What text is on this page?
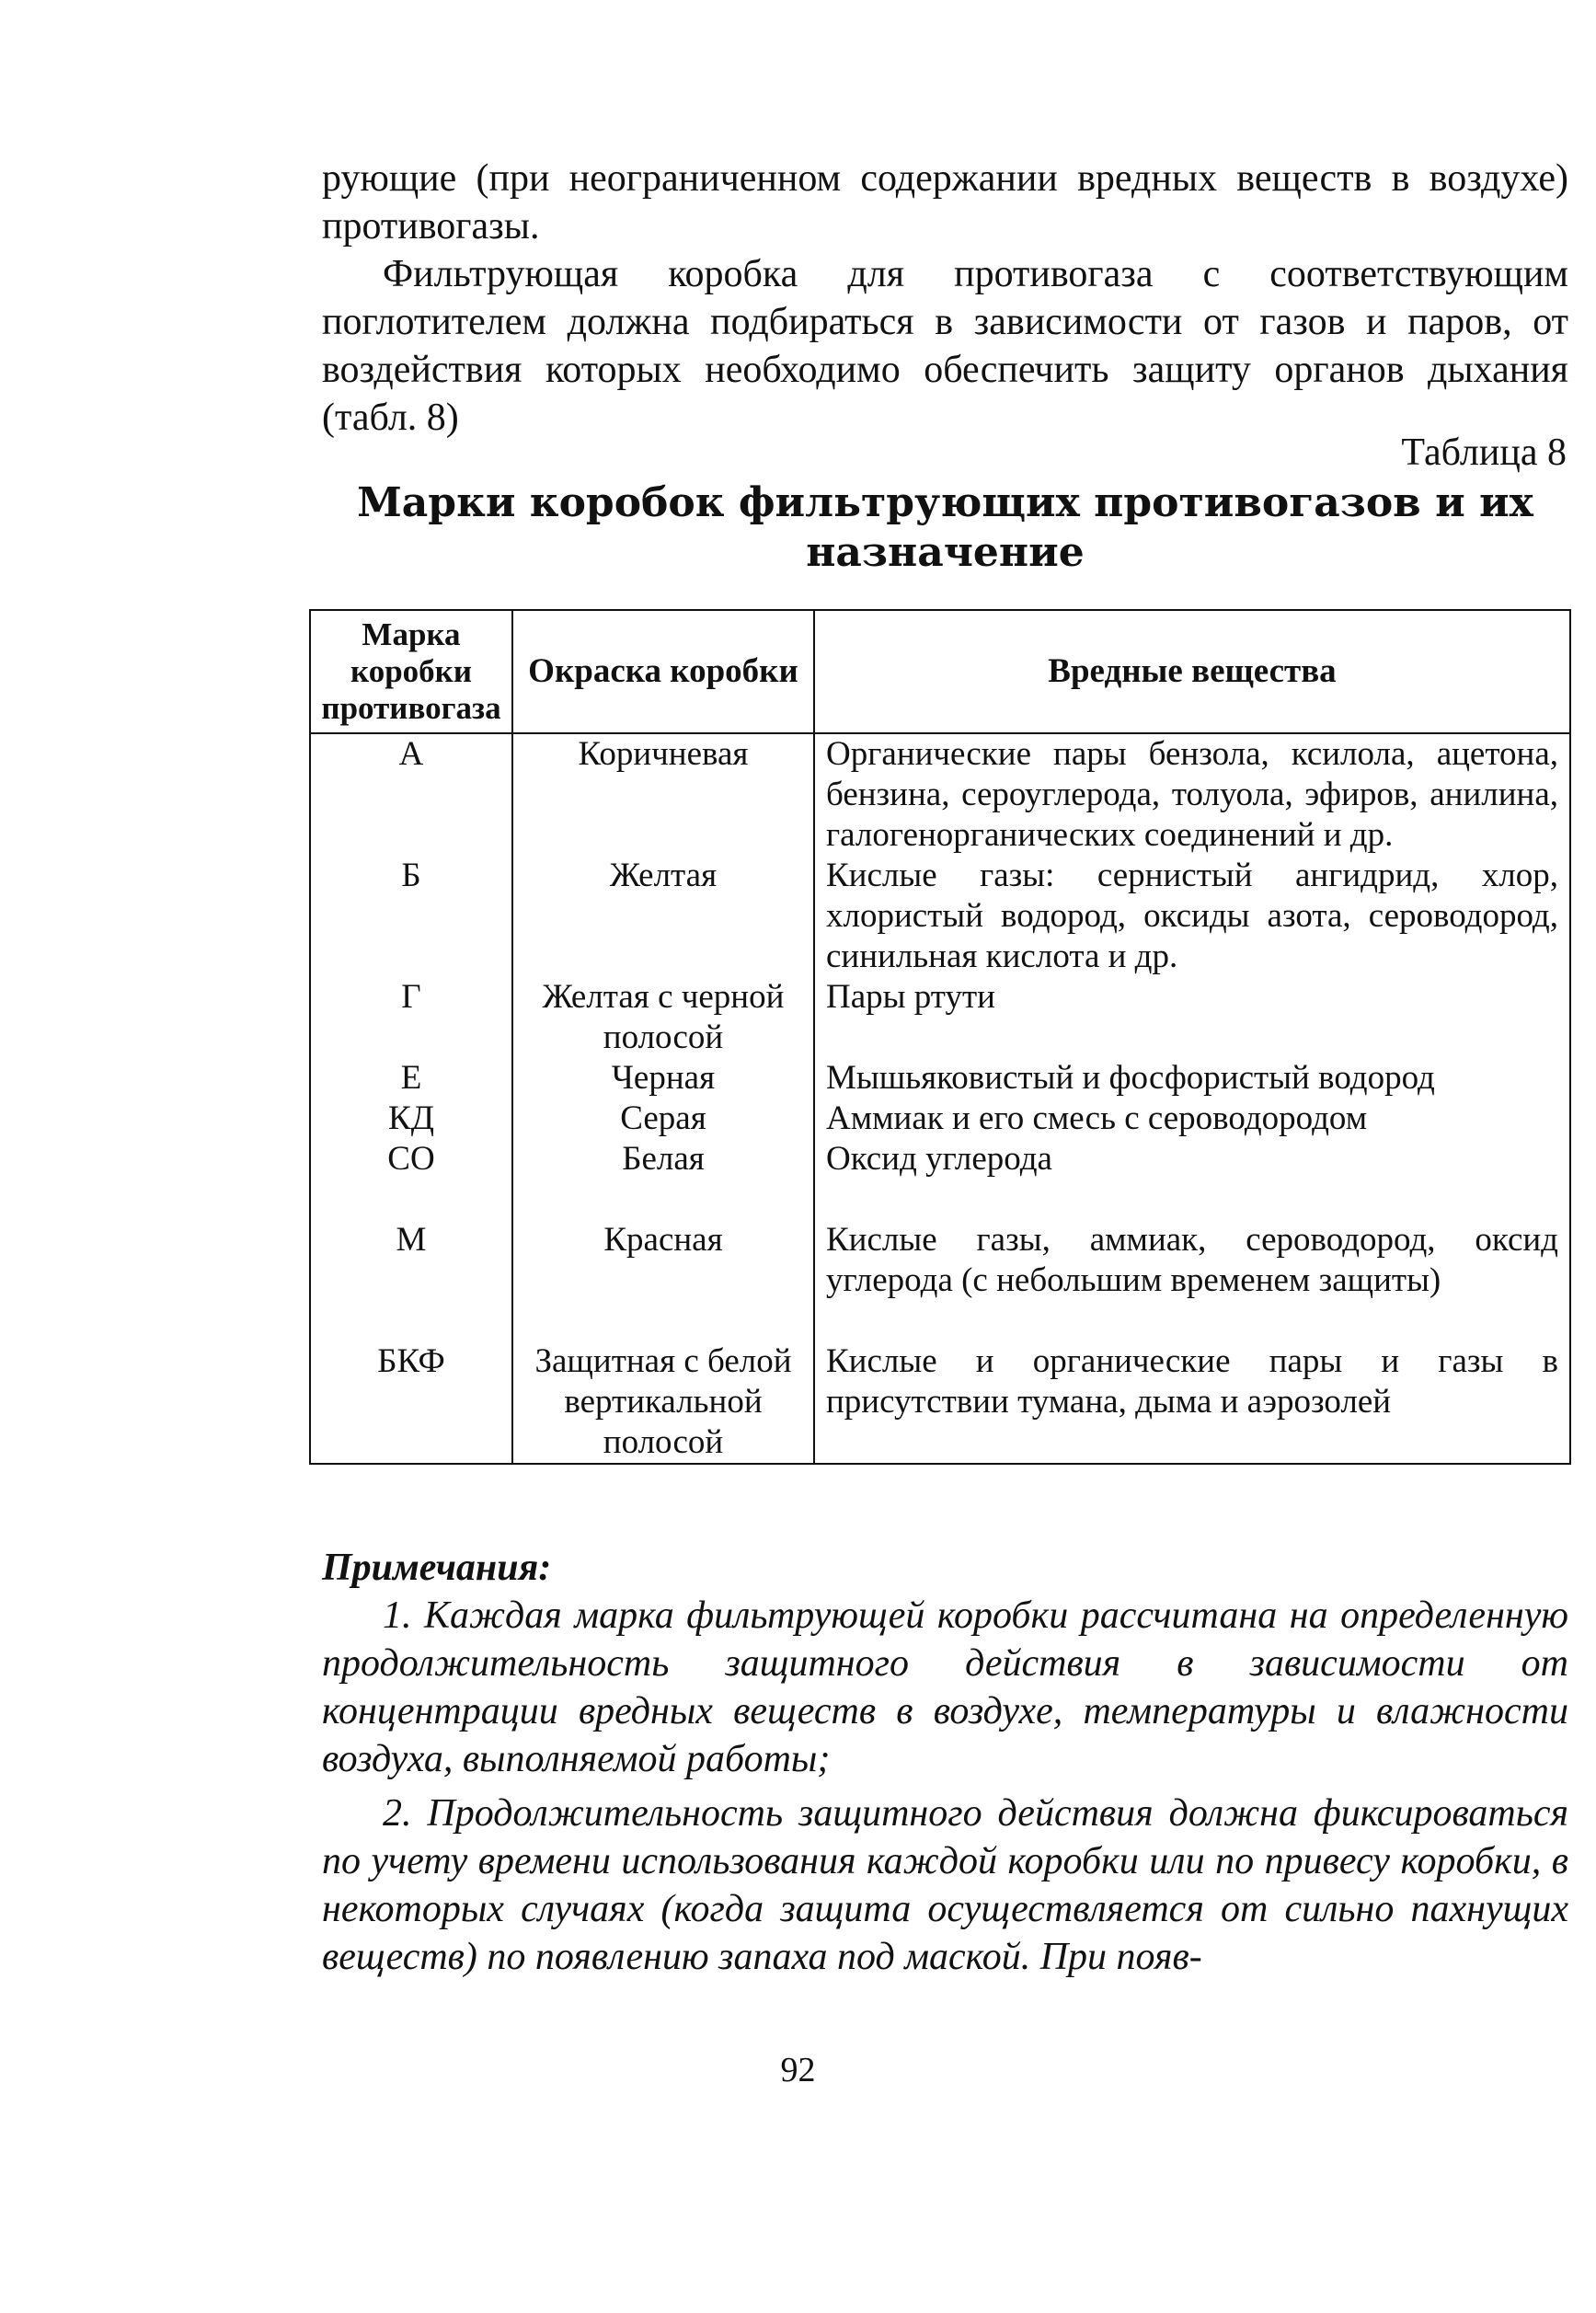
рующие (при неограниченном содержании вредных веществ в воздухе) противогазы.

Фильтрующая коробка для противогаза с соответствующим поглотителем должна подбираться в зависимости от газов и паров, от воздействия которых необходимо обеспечить защиту органов дыхания (табл. 8)

Таблица 8
Марки коробок фильтрующих противогазов и их назначение
Марка коробки противогаза	Окраска коробки	Вредные вещества
А	Коричневая	Органические пары бензола, ксилола, ацетона, бензина, сероуглерода, толуола, эфиров, анилина, галогенорганических соединений и др.
Б	Желтая	Кислые газы: сернистый ангидрид, хлор, хлористый водород, оксиды азота, сероводород, синильная кислота и др.
Г	Желтая с черной полосой	Пары ртути
Е	Черная	Мышьяковистый и фосфористый водород
КД	Серая	Аммиак и его смесь с сероводородом
СО	Белая	Оксид углерода
М	Красная	Кислые газы, аммиак, сероводород, оксид углерода (с небольшим временем защиты)
БКФ	Защитная с белой вертикальной полосой	Кислые и органические пары и газы в присутствии тумана, дыма и аэрозолей
Примечания:

1. Каждая марка фильтрующей коробки рассчитана на определенную продолжительность защитного действия в зависимости от концентрации вредных веществ в воздухе, температуры и влажности воздуха, выполняемой работы;

2. Продолжительность защитного действия должна фиксироваться по учету времени использования каждой коробки или по привесу коробки, в некоторых случаях (когда защита осуществляется от сильно пахнущих веществ) по появлению запаха под маской. При появ-

92
